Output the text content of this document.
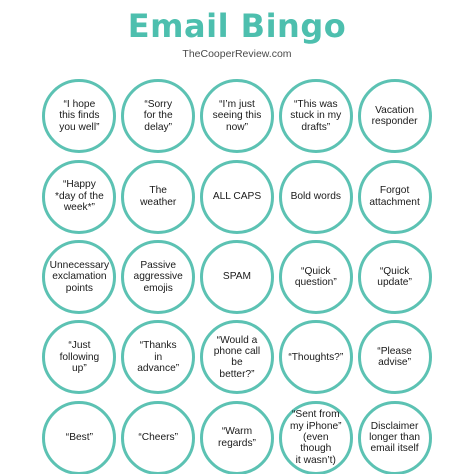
Email Bingo
TheCooperReview.com
“I hope
this finds
you well”
“Sorry
for the
delay”
“I’m just
seeing this
now”
“This was
stuck in my
drafts”
Vacation
responder
“Happy
*day of the
week*”
The
weather
ALL CAPS	Bold words
Forgot
attachment
Unnecessary
exclamation
points
Passive
aggressive
emojis
SPAM
“Quick
question”
“Quick
update”
“Just
following
up”
“Thanks
in
advance”
“Would a
phone call
be
better?”
“Thoughts?”
“Please
advise”
“Best”	“Cheers”
“Warm
regards”
“Sent from
my iPhone”
(even though
it wasn’t)
Disclaimer
longer than
email itself
